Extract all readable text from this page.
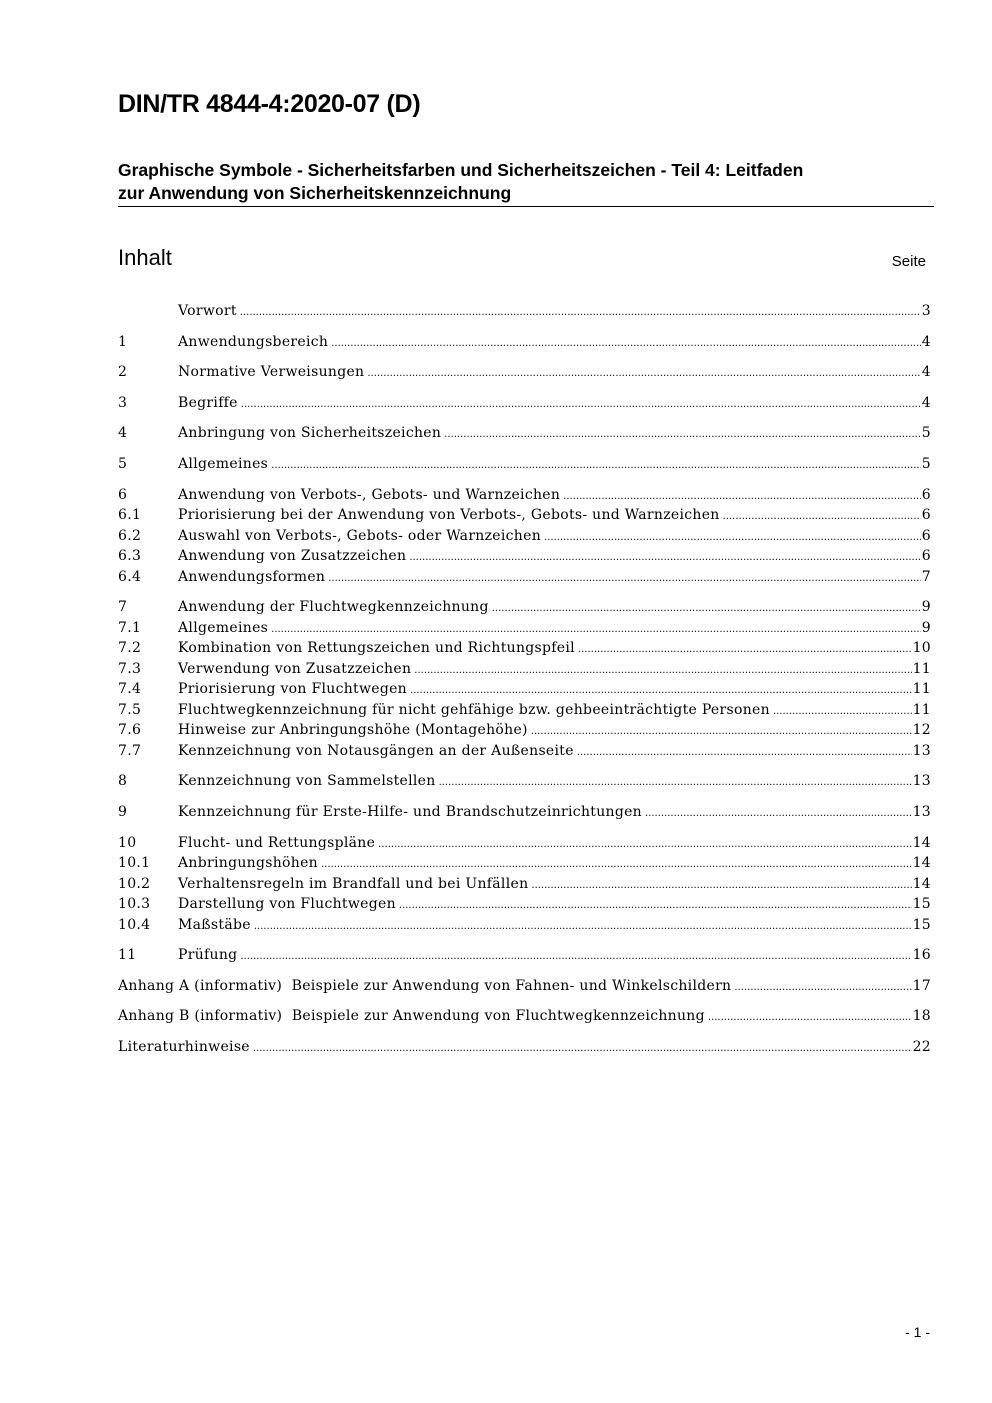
DIN/TR 4844-4:2020-07 (D)
Graphische Symbole - Sicherheitsfarben und Sicherheitszeichen - Teil 4: Leitfaden
zur Anwendung von Sicherheitskennzeichnung
Inhalt	Seite
Vorwort .....	3
1	Anwendungsbereich .....	4
2	Normative Verweisungen .....	4
3	Begriffe .....	4
4	Anbringung von Sicherheitszeichen .....	5
5	Allgemeines .....	5
6	Anwendung von Verbots-, Gebots- und Warnzeichen .....	6
6.1	Priorisierung bei der Anwendung von Verbots-, Gebots- und Warnzeichen .....	6
6.2	Auswahl von Verbots-, Gebots- oder Warnzeichen .....	6
6.3	Anwendung von Zusatzzeichen .....	6
6.4	Anwendungsformen .....	7
7	Anwendung der Fluchtwegkennzeichnung .....	9
7.1	Allgemeines .....	9
7.2	Kombination von Rettungszeichen und Richtungspfeil .....	10
7.3	Verwendung von Zusatzzeichen .....	11
7.4	Priorisierung von Fluchtwegen .....	11
7.5	Fluchtwegkennzeichnung für nicht gehfähige bzw. gehbeeinträchtigte Personen .....	11
7.6	Hinweise zur Anbringungshöhe (Montagehöhe) .....	12
7.7	Kennzeichnung von Notausgängen an der Außenseite .....	13
8	Kennzeichnung von Sammelstellen .....	13
9	Kennzeichnung für Erste-Hilfe- und Brandschutzeinrichtungen .....	13
10	Flucht- und Rettungspläne .....	14
10.1	Anbringungshöhen .....	14
10.2	Verhaltensregeln im Brandfall und bei Unfällen .....	14
10.3	Darstellung von Fluchtwegen .....	15
10.4	Maßstäbe .....	15
11	Prüfung .....	16
Anhang A (informativ)  Beispiele zur Anwendung von Fahnen- und Winkelschildern .....	17
Anhang B (informativ)  Beispiele zur Anwendung von Fluchtwegkennzeichnung .....	18
Literaturhinweise .....	22
- 1 -
